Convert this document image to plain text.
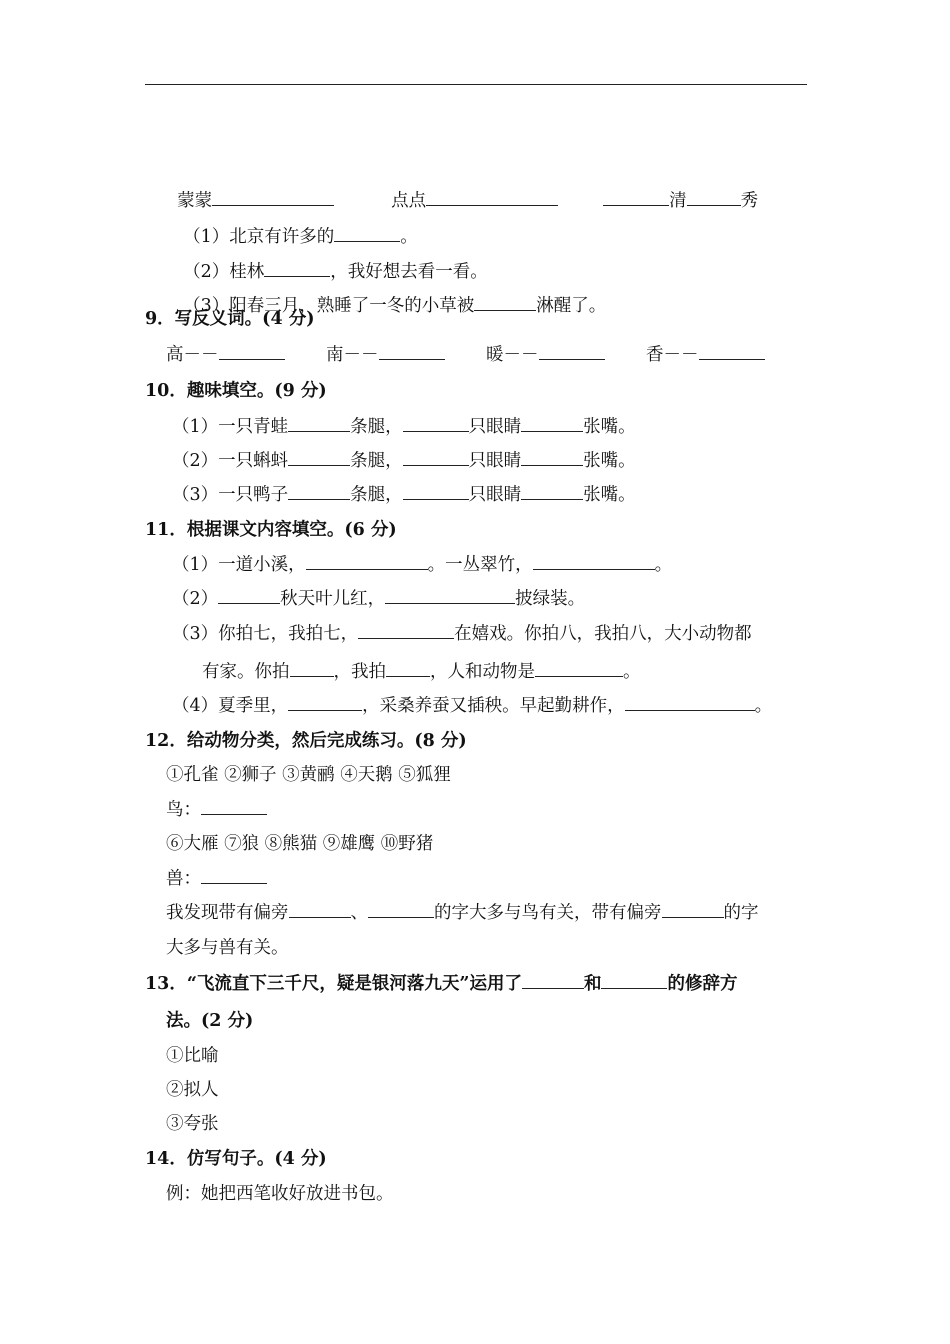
蒙蒙	点点	清	秀

（1）北京有许多的	。

（2）桂林	，我好想去看一看。

（3）阳春三月，熟睡了一冬的小草被	淋醒了。

9．写反义词。(4 分)
高－－	南－－	暖－－	香－－
10．趣味填空。(9 分)
（1）一只青蛙	条腿，	只眼睛	张嘴。
（2）一只蝌蚪	条腿，	只眼睛	张嘴。
（3）一只鸭子	条腿，	只眼睛	张嘴。
11．根据课文内容填空。(6 分)
（1）一道小溪，	。一丛翠竹，	。
（2）	秋天叶儿红，	披绿装。
（3）你拍七，我拍七，	在嬉戏。你拍八，我拍八，大小动物都
有家。你拍	，我拍	，人和动物是	。
（4）夏季里，	，采桑养蚕又插秧。早起勤耕作，	。
12．给动物分类，然后完成练习。(8 分)
①孔雀 ②狮子 ③黄鹂 ④天鹅 ⑤狐狸
鸟：
⑥大雁 ⑦狼 ⑧熊猫 ⑨雄鹰 ⑩野猪
兽：
我发现带有偏旁	、	的字大多与鸟有关，带有偏旁	的字
大多与兽有关。
13．“飞流直下三千尺，疑是银河落九天”运用了	和	的修辞方
法。(2 分)
①比喻
②拟人
③夸张
14．仿写句子。(4 分)
例：她把西笔收好放进书包。
